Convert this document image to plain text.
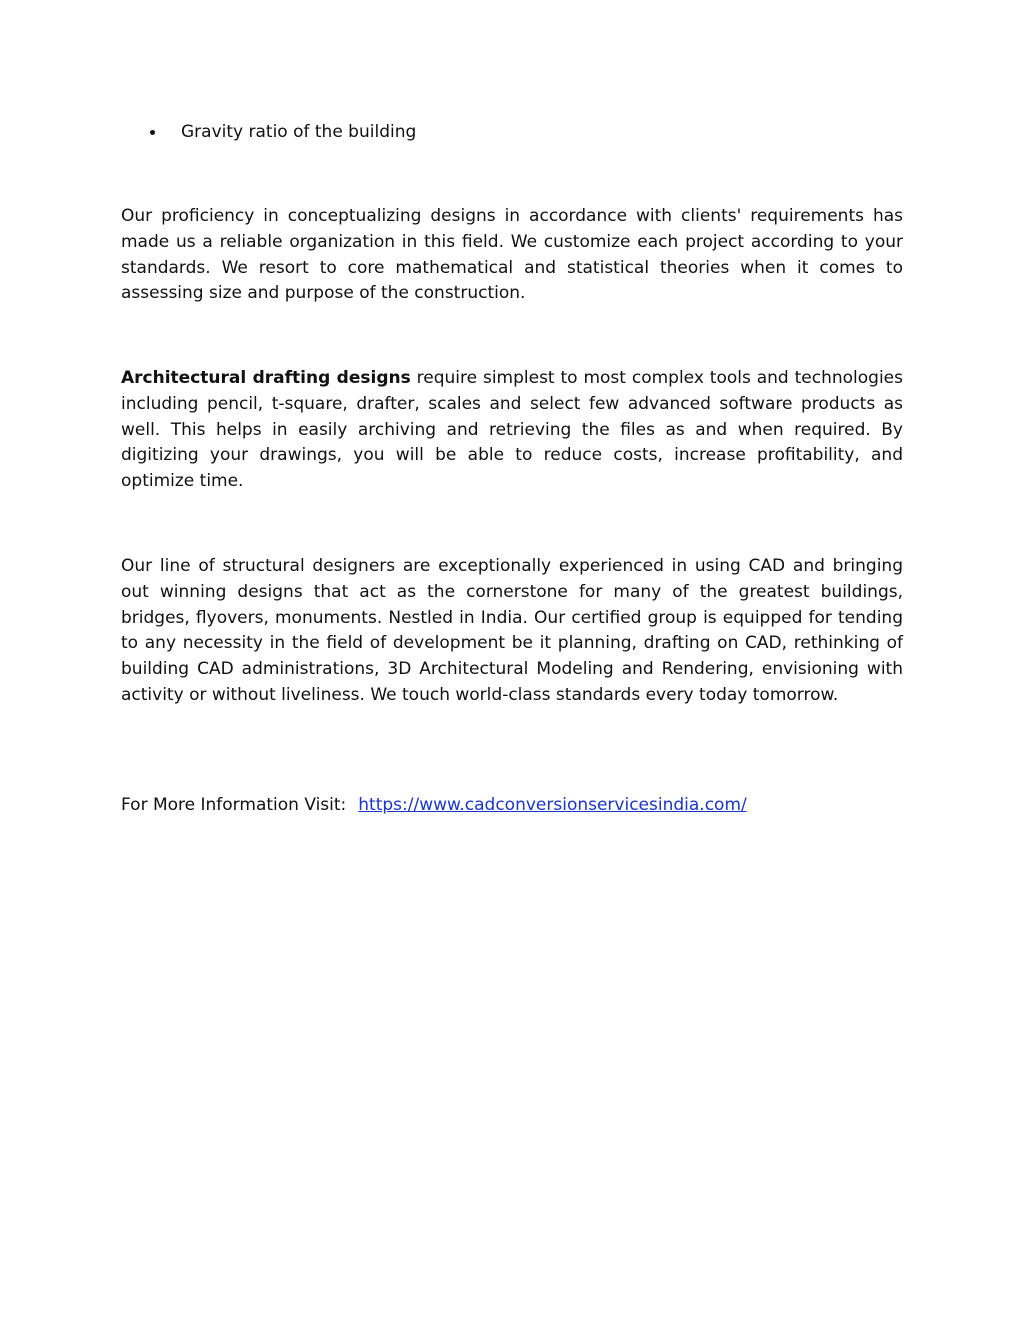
Gravity ratio of the building

Our proficiency in conceptualizing designs in accordance with clients' requirements has made us a reliable organization in this field. We customize each project according to your standards. We resort to core mathematical and statistical theories when it comes to assessing size and purpose of the construction.

Architectural drafting designs require simplest to most complex tools and technologies including pencil, t-square, drafter, scales and select few advanced software products as well. This helps in easily archiving and retrieving the files as and when required. By digitizing your drawings, you will be able to reduce costs, increase profitability, and optimize time.

Our line of structural designers are exceptionally experienced in using CAD and bringing out winning designs that act as the cornerstone for many of the greatest buildings, bridges, flyovers, monuments. Nestled in India. Our certified group is equipped for tending to any necessity in the field of development be it planning, drafting on CAD, rethinking of building CAD administrations, 3D Architectural Modeling and Rendering, envisioning with activity or without liveliness. We touch world-class standards every today tomorrow.

For More Information Visit: https://www.cadconversionservicesindia.com/
